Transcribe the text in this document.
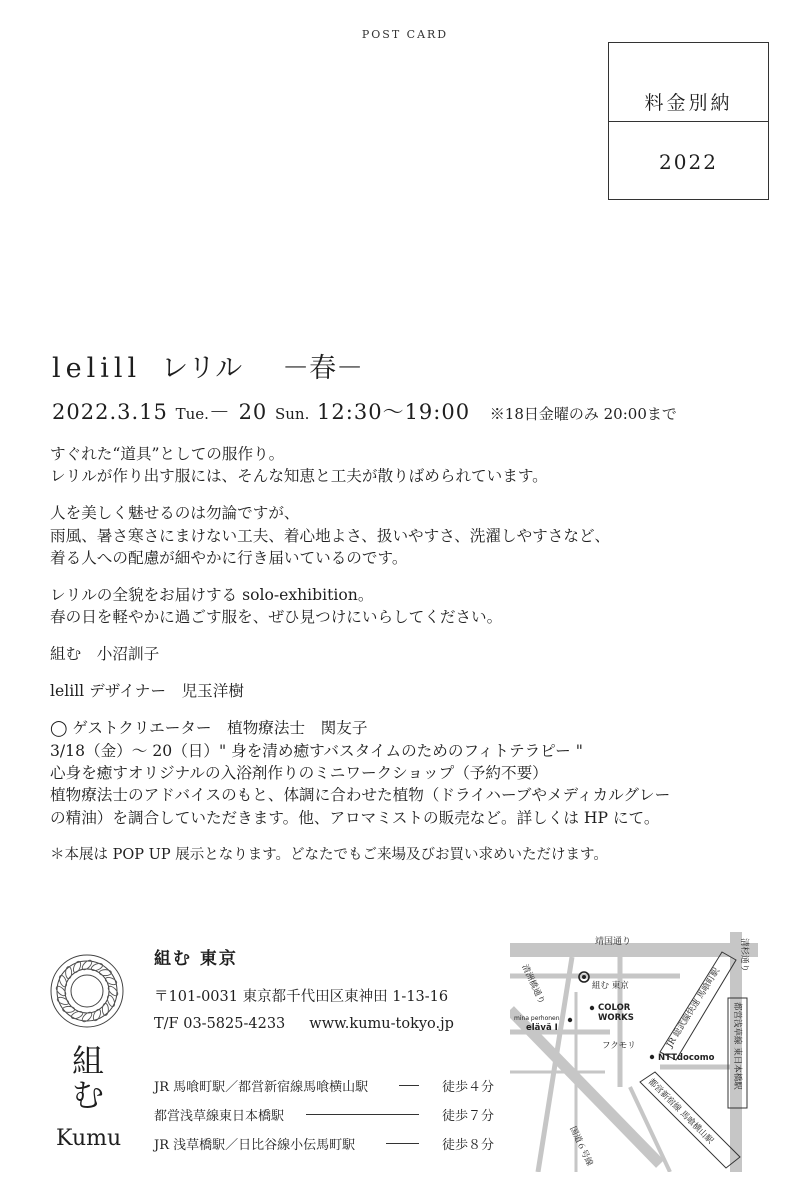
POST CARD
料金別納
2022
lelill レリル －春－
2022.3.15 Tue.－ 20 Sun. 12:30〜19:00 ※18日金曜のみ 20:00まで

すぐれた“道具”としての服作り。

レリルが作り出す服には、そんな知恵と工夫が散りばめられています。

人を美しく魅せるのは勿論ですが、

雨風、暑さ寒さにまけない工夫、着心地よさ、扱いやすさ、洗濯しやすさなど、

着る人への配慮が細やかに行き届いているのです。

レリルの全貌をお届けする solo-exhibition。

春の日を軽やかに過ごす服を、ぜひ見つけにいらしてください。

組む　小沼訓子

lelill デザイナー　児玉洋樹

◯ ゲストクリエーター　植物療法士　関友子

3/18（金）～ 20（日）" 身を清め癒すバスタイムのためのフィトテラピー "

心身を癒すオリジナルの入浴剤作りのミニワークショップ（予約不要）

植物療法士のアドバイスのもと、体調に合わせた植物（ドライハーブやメディカルグレー

の精油）を調合していただきます。他、アロマミストの販売など。詳しくは HP にて。

＊本展は POP UP 展示となります。どなたでもご来場及びお買い求めいただけます。

組
む
Kumu
組む 東京
〒101-0031 東京都千代田区東神田 1-13-16
T/F 03-5825-4233 www.kumu-tokyo.jp
JR 馬喰町駅／都営新宿線馬喰横山駅	徒歩４分
都営浅草線東日本橋駅	徒歩７分
JR 浅草橋駅／日比谷線小伝馬町駅	徒歩８分
靖国通り
組む 東京
COLOR
WORKS
mina perhonen
elävä I
フクモリ
NTTdocomo
清洲橋通り
清杉通り
国道６号線
JR 総武線快速 馬喰町駅 都営浅草線 東日本橋駅
都営新宿線 馬喰横山駅
